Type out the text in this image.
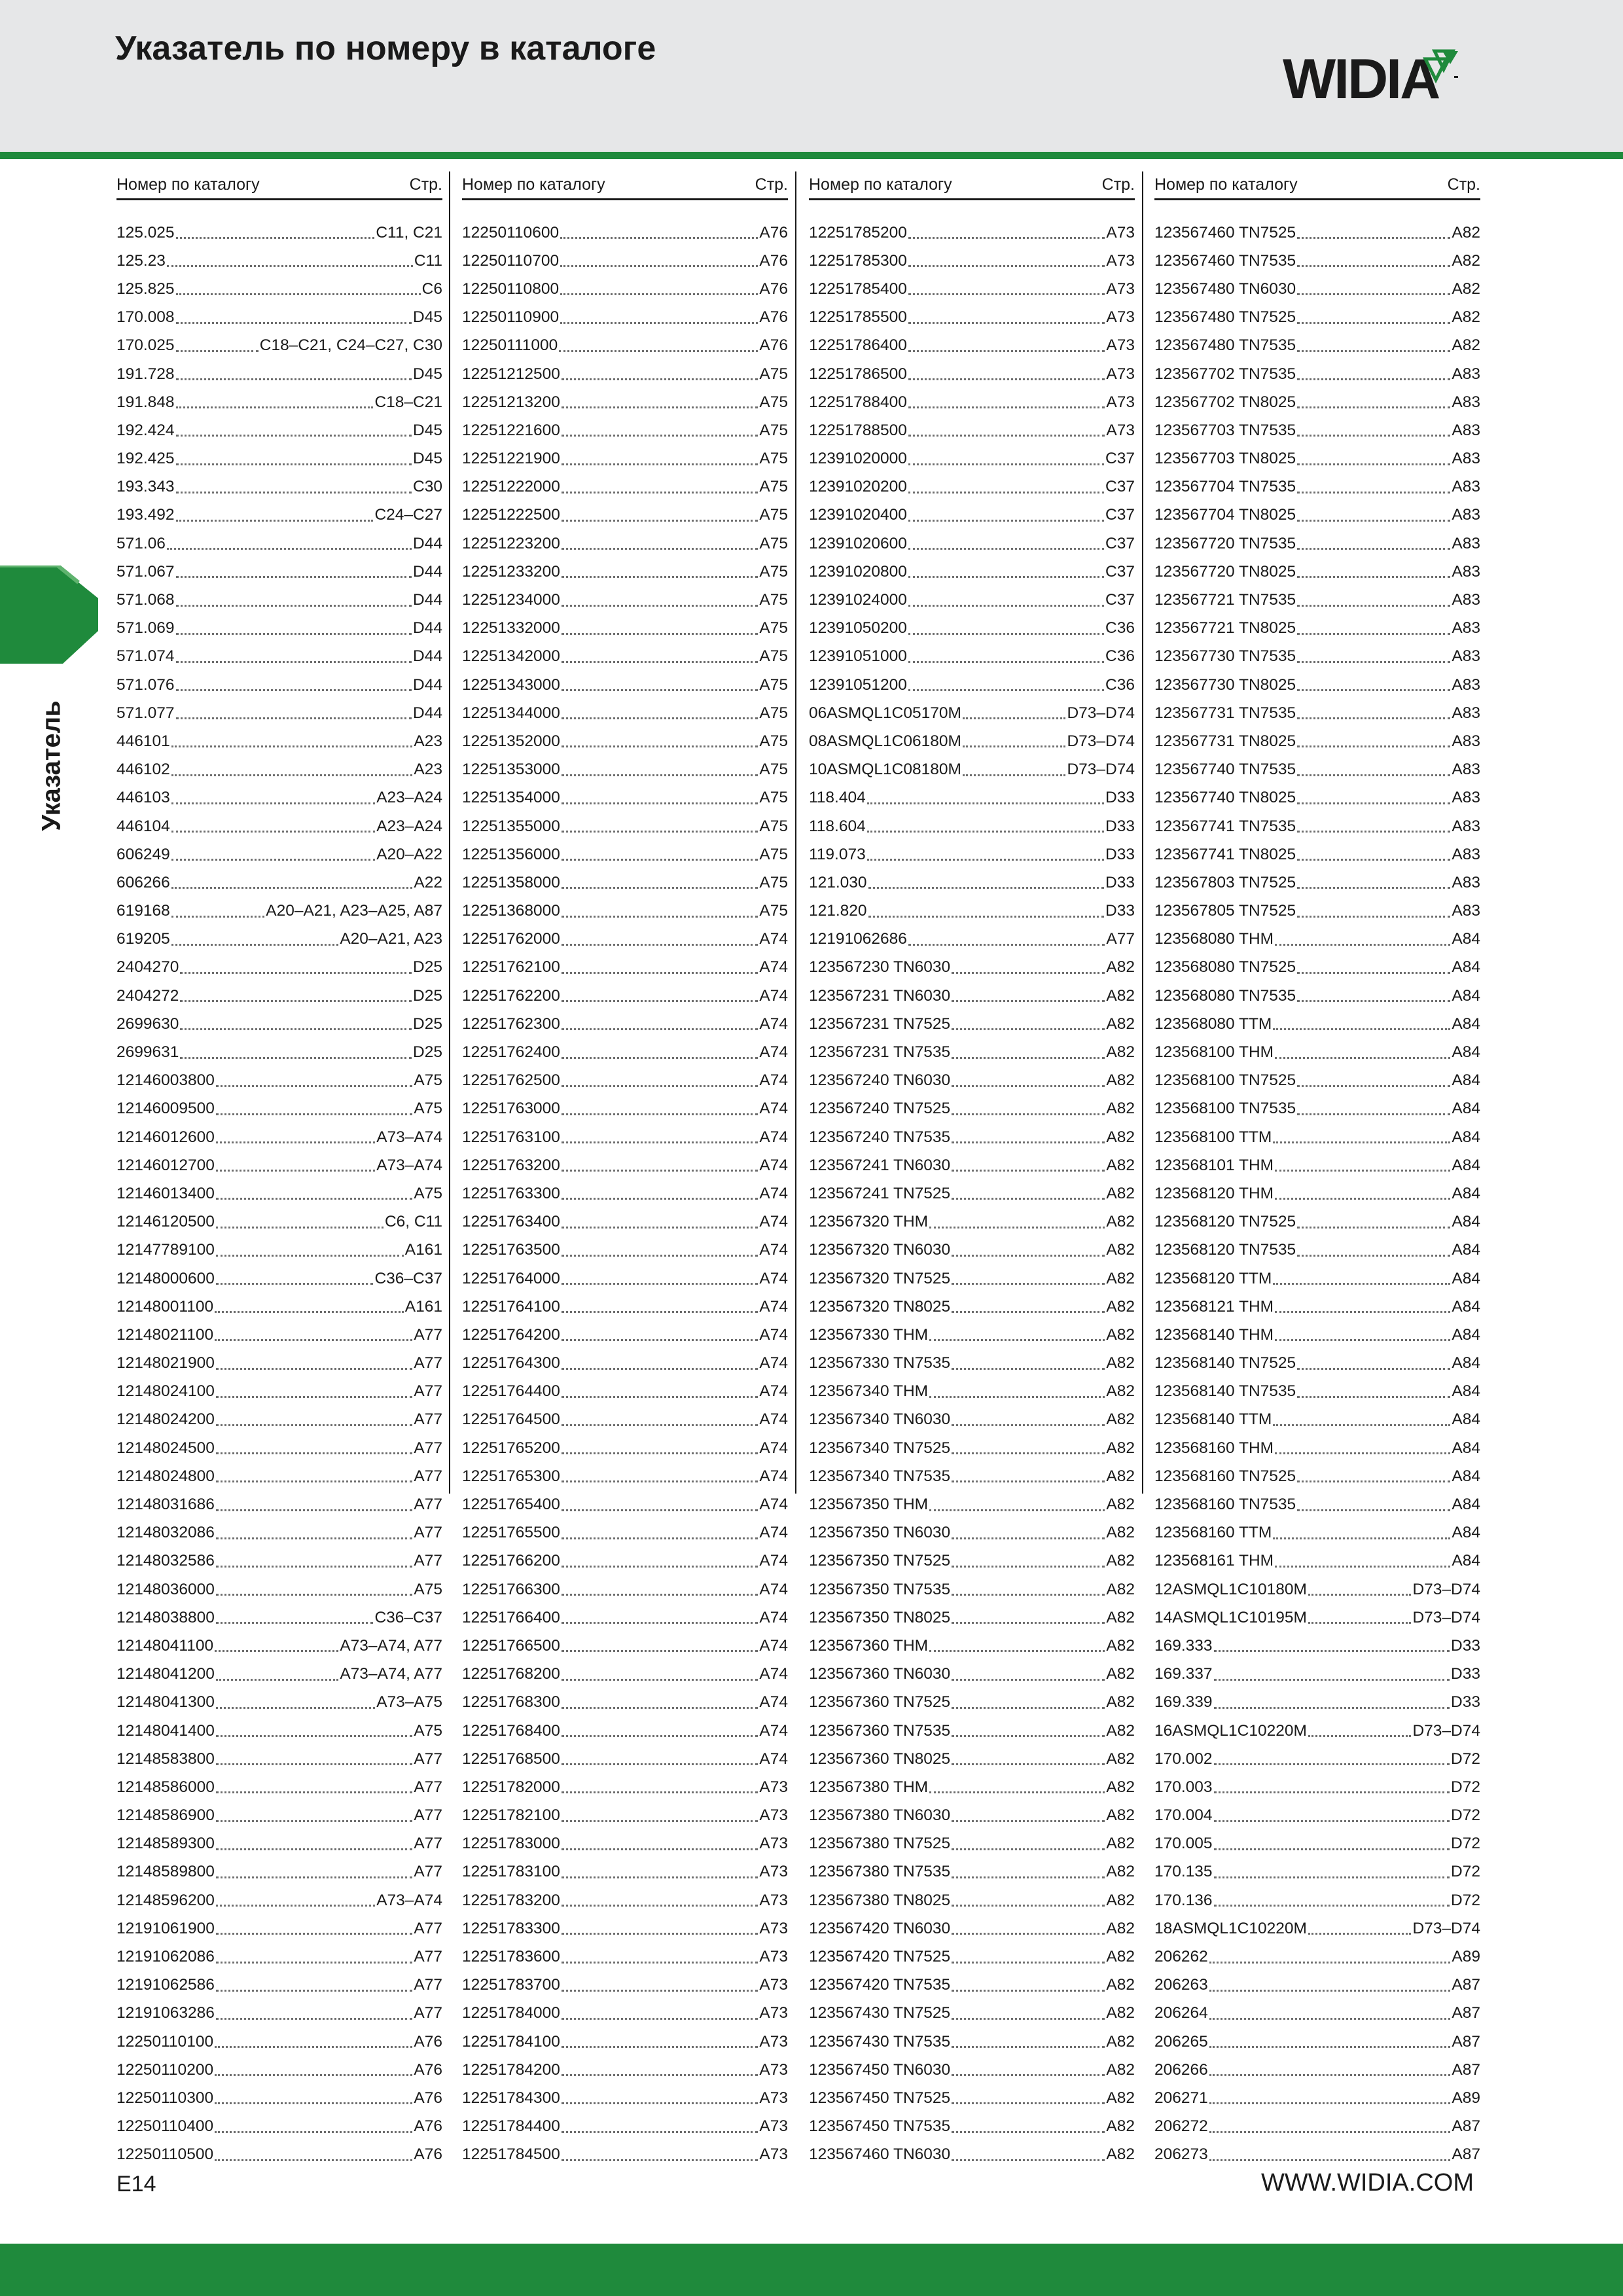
Указатель по номеру в каталоге	WIDIA
Указатель
Номер по каталогу	Стр.
125.025	C11, C21
125.23	C11
125.825	C6
170.008	D45
170.025	C18–C21, C24–C27, C30
191.728	D45
191.848	C18–C21
192.424	D45
192.425	D45
193.343	C30
193.492	C24–C27
571.06	D44
571.067	D44
571.068	D44
571.069	D44
571.074	D44
571.076	D44
571.077	D44
446101	A23
446102	A23
446103	A23–A24
446104	A23–A24
606249	A20–A22
606266	A22
619168	A20–A21, A23–A25, A87
619205	A20–A21, A23
2404270	D25
2404272	D25
2699630	D25
2699631	D25
12146003800	A75
12146009500	A75
12146012600	A73–A74
12146012700	A73–A74
12146013400	A75
12146120500	C6, C11
12147789100	A161
12148000600	C36–C37
12148001100	A161
12148021100	A77
12148021900	A77
12148024100	A77
12148024200	A77
12148024500	A77
12148024800	A77
12148031686	A77
12148032086	A77
12148032586	A77
12148036000	A75
12148038800	C36–C37
12148041100	A73–A74, A77
12148041200	A73–A74, A77
12148041300	A73–A75
12148041400	A75
12148583800	A77
12148586000	A77
12148586900	A77
12148589300	A77
12148589800	A77
12148596200	A73–A74
12191061900	A77
12191062086	A77
12191062586	A77
12191063286	A77
12250110100	A76
12250110200	A76
12250110300	A76
12250110400	A76
12250110500	A76
Номер по каталогу	Стр.
12250110600	A76
12250110700	A76
12250110800	A76
12250110900	A76
12250111000	A76
12251212500	A75
12251213200	A75
12251221600	A75
12251221900	A75
12251222000	A75
12251222500	A75
12251223200	A75
12251233200	A75
12251234000	A75
12251332000	A75
12251342000	A75
12251343000	A75
12251344000	A75
12251352000	A75
12251353000	A75
12251354000	A75
12251355000	A75
12251356000	A75
12251358000	A75
12251368000	A75
12251762000	A74
12251762100	A74
12251762200	A74
12251762300	A74
12251762400	A74
12251762500	A74
12251763000	A74
12251763100	A74
12251763200	A74
12251763300	A74
12251763400	A74
12251763500	A74
12251764000	A74
12251764100	A74
12251764200	A74
12251764300	A74
12251764400	A74
12251764500	A74
12251765200	A74
12251765300	A74
12251765400	A74
12251765500	A74
12251766200	A74
12251766300	A74
12251766400	A74
12251766500	A74
12251768200	A74
12251768300	A74
12251768400	A74
12251768500	A74
12251782000	A73
12251782100	A73
12251783000	A73
12251783100	A73
12251783200	A73
12251783300	A73
12251783600	A73
12251783700	A73
12251784000	A73
12251784100	A73
12251784200	A73
12251784300	A73
12251784400	A73
12251784500	A73
Номер по каталогу	Стр.
12251785200	A73
12251785300	A73
12251785400	A73
12251785500	A73
12251786400	A73
12251786500	A73
12251788400	A73
12251788500	A73
12391020000	C37
12391020200	C37
12391020400	C37
12391020600	C37
12391020800	C37
12391024000	C37
12391050200	C36
12391051000	C36
12391051200	C36
06ASMQL1C05170M	D73–D74
08ASMQL1C06180M	D73–D74
10ASMQL1C08180M	D73–D74
118.404	D33
118.604	D33
119.073	D33
121.030	D33
121.820	D33
12191062686	A77
123567230 TN6030	A82
123567231 TN6030	A82
123567231 TN7525	A82
123567231 TN7535	A82
123567240 TN6030	A82
123567240 TN7525	A82
123567240 TN7535	A82
123567241 TN6030	A82
123567241 TN7525	A82
123567320 THM	A82
123567320 TN6030	A82
123567320 TN7525	A82
123567320 TN8025	A82
123567330 THM	A82
123567330 TN7535	A82
123567340 THM	A82
123567340 TN6030	A82
123567340 TN7525	A82
123567340 TN7535	A82
123567350 THM	A82
123567350 TN6030	A82
123567350 TN7525	A82
123567350 TN7535	A82
123567350 TN8025	A82
123567360 THM	A82
123567360 TN6030	A82
123567360 TN7525	A82
123567360 TN7535	A82
123567360 TN8025	A82
123567380 THM	A82
123567380 TN6030	A82
123567380 TN7525	A82
123567380 TN7535	A82
123567380 TN8025	A82
123567420 TN6030	A82
123567420 TN7525	A82
123567420 TN7535	A82
123567430 TN7525	A82
123567430 TN7535	A82
123567450 TN6030	A82
123567450 TN7525	A82
123567450 TN7535	A82
123567460 TN6030	A82
Номер по каталогу	Стр.
123567460 TN7525	A82
123567460 TN7535	A82
123567480 TN6030	A82
123567480 TN7525	A82
123567480 TN7535	A82
123567702 TN7535	A83
123567702 TN8025	A83
123567703 TN7535	A83
123567703 TN8025	A83
123567704 TN7535	A83
123567704 TN8025	A83
123567720 TN7535	A83
123567720 TN8025	A83
123567721 TN7535	A83
123567721 TN8025	A83
123567730 TN7535	A83
123567730 TN8025	A83
123567731 TN7535	A83
123567731 TN8025	A83
123567740 TN7535	A83
123567740 TN8025	A83
123567741 TN7535	A83
123567741 TN8025	A83
123567803 TN7525	A83
123567805 TN7525	A83
123568080 THM	A84
123568080 TN7525	A84
123568080 TN7535	A84
123568080 TTM	A84
123568100 THM	A84
123568100 TN7525	A84
123568100 TN7535	A84
123568100 TTM	A84
123568101 THM	A84
123568120 THM	A84
123568120 TN7525	A84
123568120 TN7535	A84
123568120 TTM	A84
123568121 THM	A84
123568140 THM	A84
123568140 TN7525	A84
123568140 TN7535	A84
123568140 TTM	A84
123568160 THM	A84
123568160 TN7525	A84
123568160 TN7535	A84
123568160 TTM	A84
123568161 THM	A84
12ASMQL1C10180M	D73–D74
14ASMQL1C10195M	D73–D74
169.333	D33
169.337	D33
169.339	D33
16ASMQL1C10220M	D73–D74
170.002	D72
170.003	D72
170.004	D72
170.005	D72
170.135	D72
170.136	D72
18ASMQL1C10220M	D73–D74
206262	A89
206263	A87
206264	A87
206265	A87
206266	A87
206271	A89
206272	A87
206273	A87
E14	WWW.WIDIA.COM
